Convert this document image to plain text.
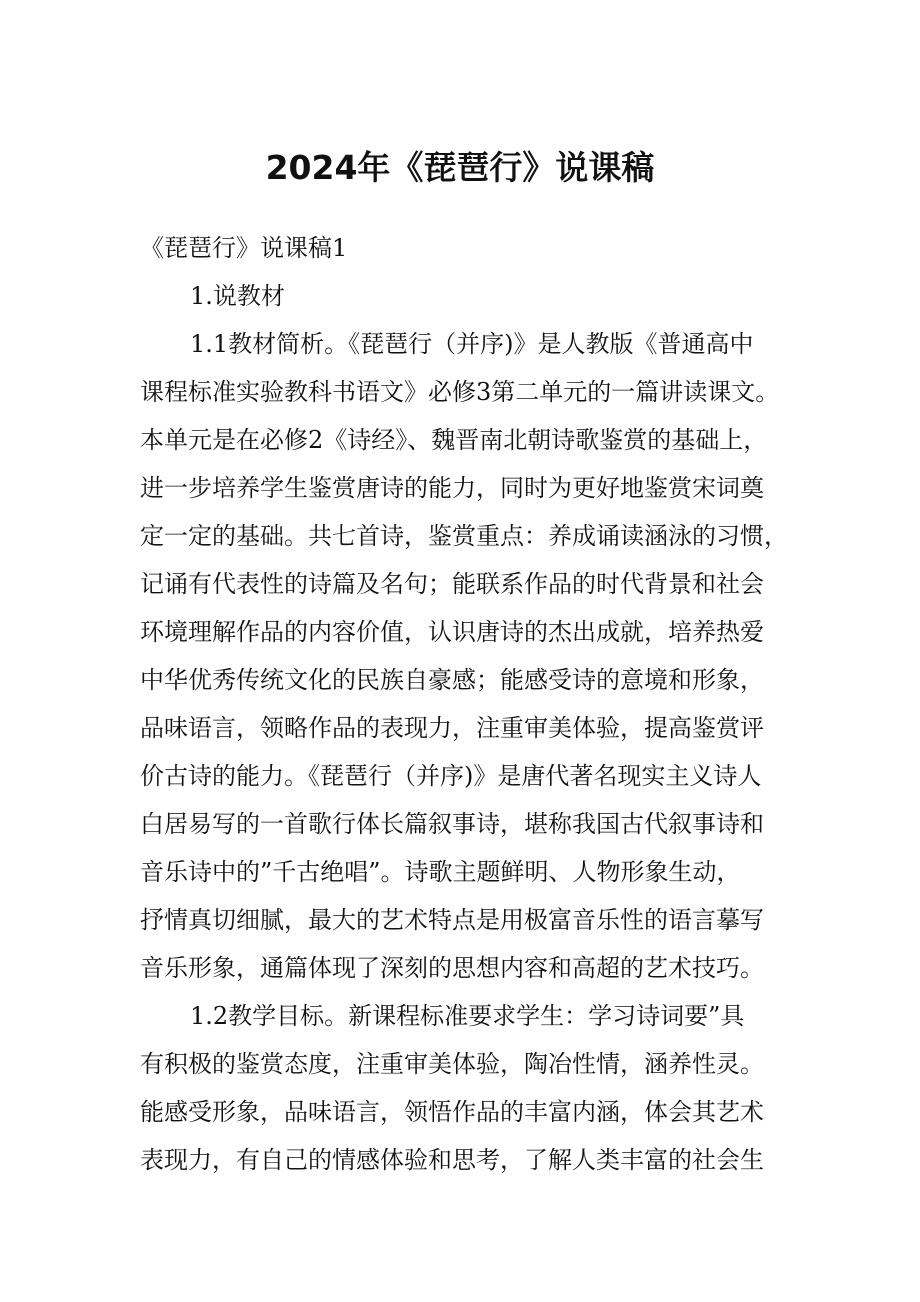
2024年《琵琶行》说课稿

《琵琶行》说课稿1

1.说教材

1.1教材简析。《琵琶行（并序)》是人教版《普通高中

课程标准实验教科书语文》必修3第二单元的一篇讲读课文。

本单元是在必修2《诗经》、魏晋南北朝诗歌鉴赏的基础上，

进一步培养学生鉴赏唐诗的能力，同时为更好地鉴赏宋词奠

定一定的基础。共七首诗，鉴赏重点：养成诵读涵泳的习惯，

记诵有代表性的诗篇及名句；能联系作品的时代背景和社会

环境理解作品的内容价值，认识唐诗的杰出成就，培养热爱

中华优秀传统文化的民族自豪感；能感受诗的意境和形象，

品味语言，领略作品的表现力，注重审美体验，提高鉴赏评

价古诗的能力。《琵琶行（并序)》是唐代著名现实主义诗人

白居易写的一首歌行体长篇叙事诗，堪称我国古代叙事诗和

音乐诗中的”千古绝唱”。诗歌主题鲜明、人物形象生动，

抒情真切细腻，最大的艺术特点是用极富音乐性的语言摹写

音乐形象，通篇体现了深刻的思想内容和高超的艺术技巧。

1.2教学目标。新课程标准要求学生：学习诗词要”具

有积极的鉴赏态度，注重审美体验，陶冶性情，涵养性灵。

能感受形象，品味语言，领悟作品的丰富内涵，体会其艺术

表现力，有自己的情感体验和思考，了解人类丰富的社会生
